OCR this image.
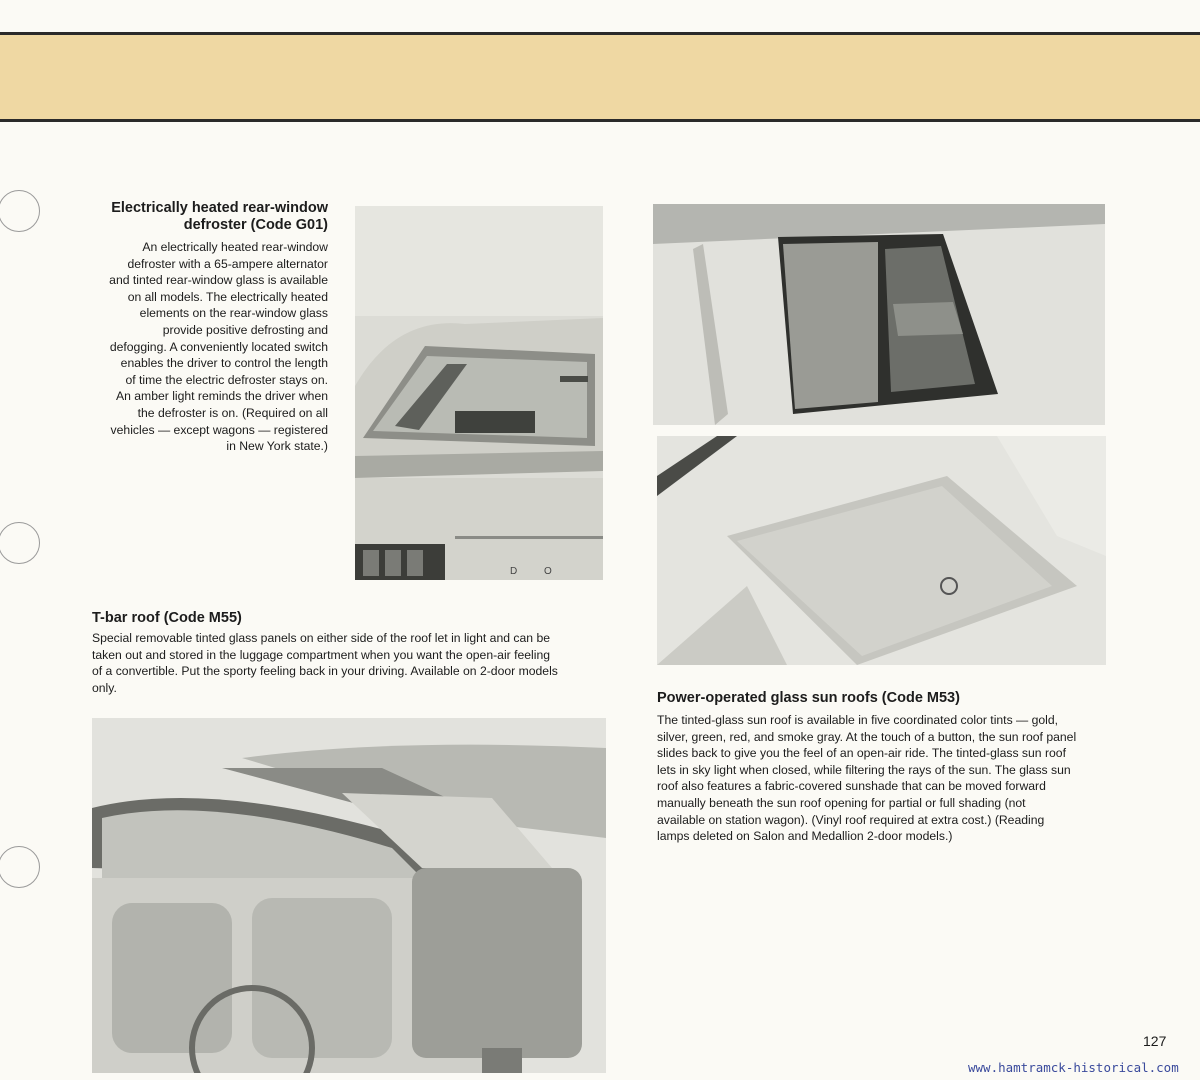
Electrically heated rear-window

defroster (Code G01)

An electrically heated rear-window

defroster with a 65-ampere alternator

and tinted rear-window glass is available

on all models. The electrically heated

elements on the rear-window glass

provide positive defrosting and

defogging. A conveniently located switch

enables the driver to control the length

of time the electric defroster stays on.

An amber light reminds the driver when

the defroster is on. (Required on all

vehicles — except wagons — registered

in New York state.)

D O

T-bar roof (Code M55)

Special removable tinted glass panels on either side of the roof let in light and can be

taken out and stored in the luggage compartment when you want the open-air feeling

of a convertible. Put the sporty feeling back in your driving. Available on 2-door models

only.

Power-operated glass sun roofs (Code M53)

The tinted-glass sun roof is available in five coordinated color tints — gold,

silver, green, red, and smoke gray. At the touch of a button, the sun roof panel

slides back to give you the feel of an open-air ride. The tinted-glass sun roof

lets in sky light when closed, while filtering the rays of the sun. The glass sun

roof also features a fabric-covered sunshade that can be moved forward

manually beneath the sun roof opening for partial or full shading (not

available on station wagon). (Vinyl roof required at extra cost.) (Reading

lamps deleted on Salon and Medallion 2-door models.)

127
www.hamtramck-historical.com
